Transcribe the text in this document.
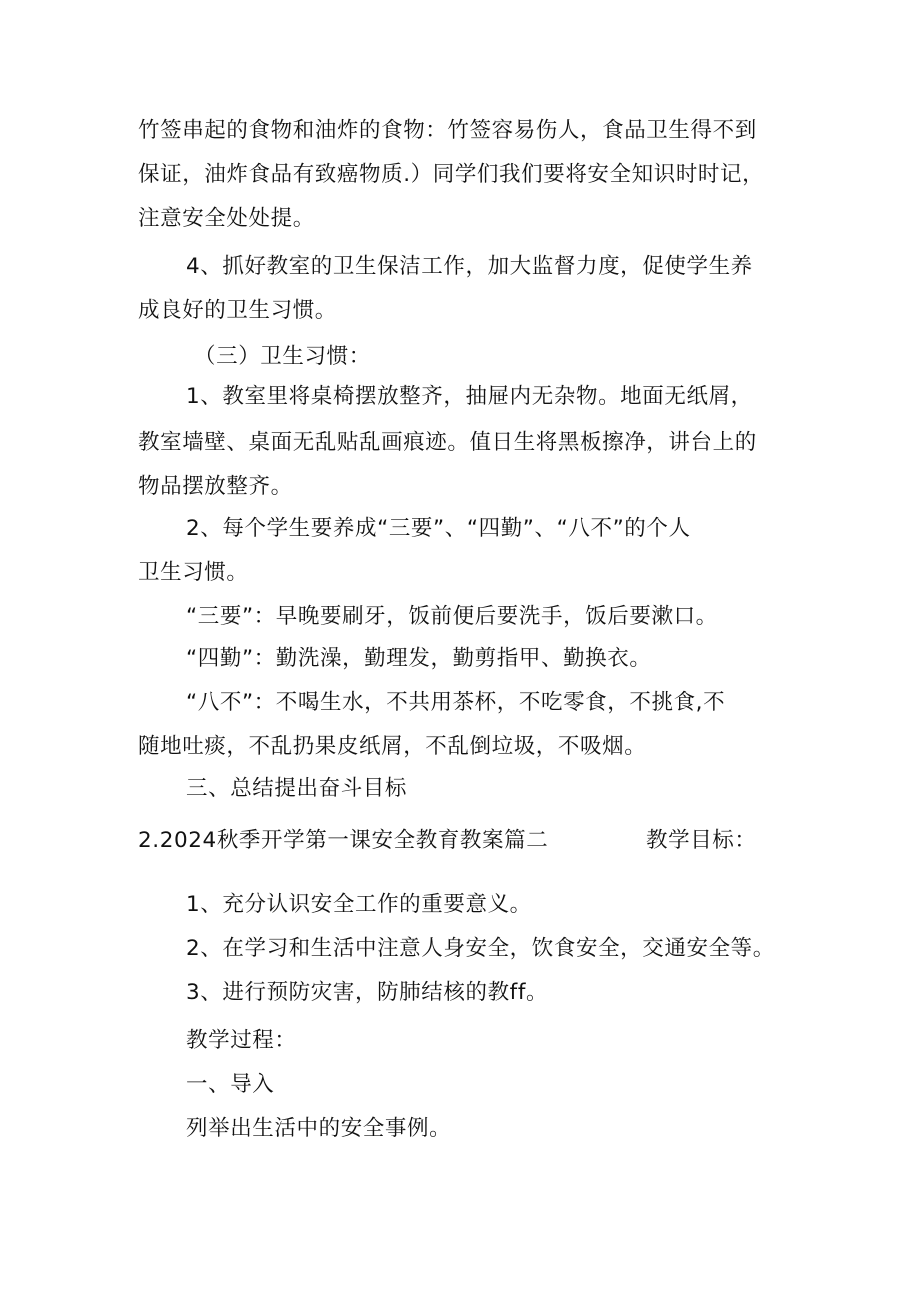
竹签串起的食物和油炸的食物：竹签容易伤人，食品卫生得不到

保证，油炸食品有致癌物质.）同学们我们要将安全知识时时记，

注意安全处处提。

4、抓好教室的卫生保洁工作，加大监督力度，促使学生养

成良好的卫生习惯。

（三）卫生习惯：

1、教室里将桌椅摆放整齐，抽屉内无杂物。地面无纸屑，

教室墙壁、桌面无乱贴乱画痕迹。值日生将黑板擦净，讲台上的

物品摆放整齐。

2、每个学生要养成“三要”、“四勤”、“八不”的个人

卫生习惯。

“三要”：早晚要刷牙，饭前便后要洗手，饭后要漱口。

“四勤”：勤洗澡，勤理发，勤剪指甲、勤换衣。

“八不”：不喝生水，不共用茶杯，不吃零食，不挑食,不

随地吐痰，不乱扔果皮纸屑，不乱倒垃圾，不吸烟。

三、总结提出奋斗目标

2.2024秋季开学第一课安全教育教案篇二	教学目标：

1、充分认识安全工作的重要意义。

2、在学习和生活中注意人身安全，饮食安全，交通安全等。

3、进行预防灾害，防肺结核的教ff。

教学过程：

一、导入

列举出生活中的安全事例。
